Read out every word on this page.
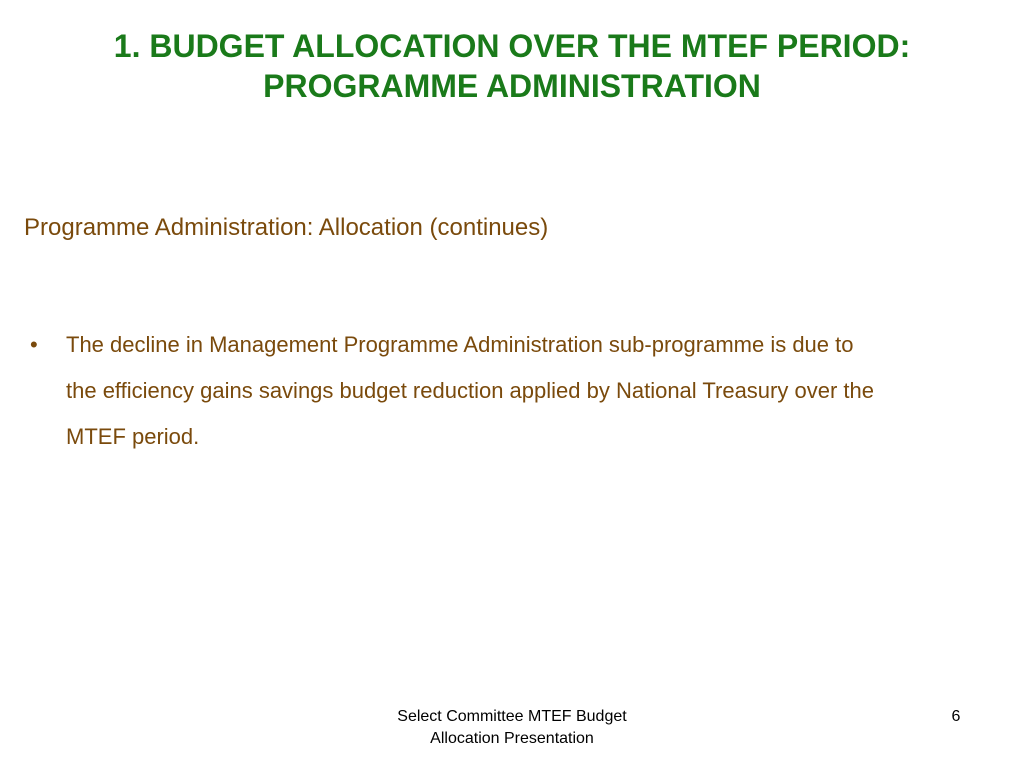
1. BUDGET ALLOCATION OVER THE MTEF PERIOD:
PROGRAMME ADMINISTRATION
Programme Administration: Allocation (continues)
• The decline in Management Programme Administration sub-programme is due to
the efficiency gains savings budget reduction applied by National Treasury over the
MTEF period.
Select Committee MTEF Budget
Allocation Presentation
6
